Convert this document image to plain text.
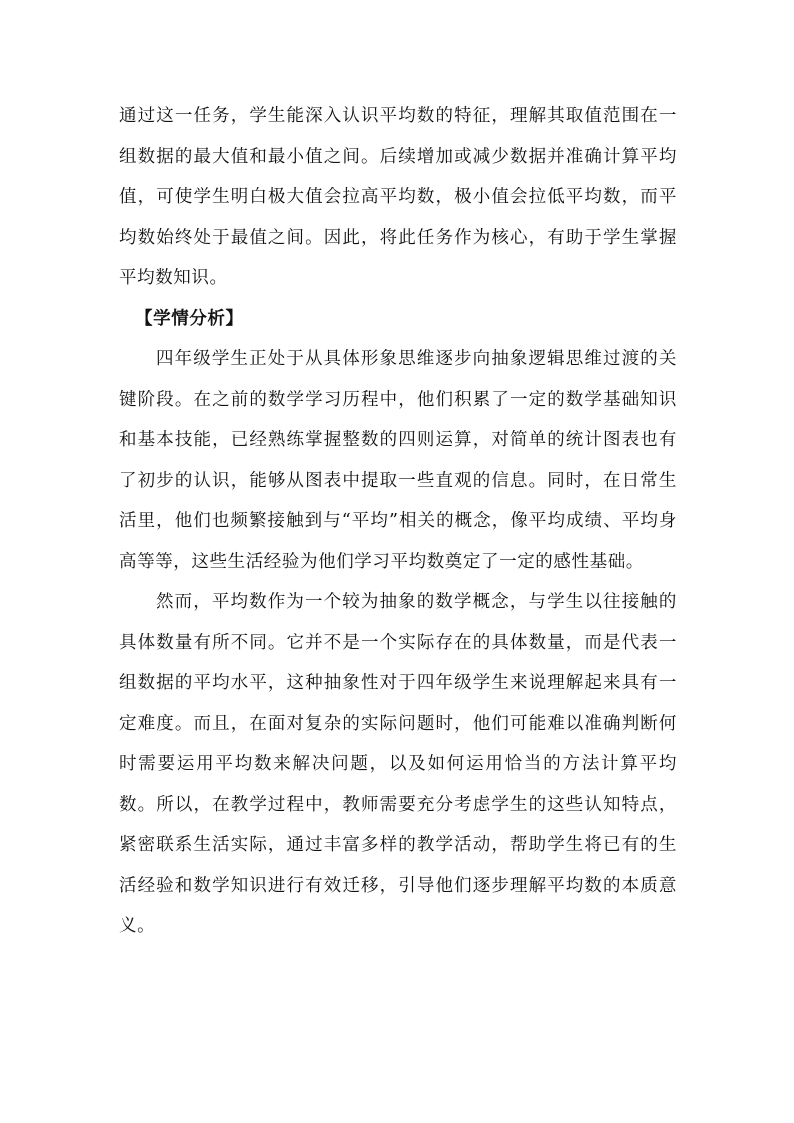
通过这一任务，学生能深入认识平均数的特征，理解其取值范围在一组数据的最大值和最小值之间。后续增加或减少数据并准确计算平均值，可使学生明白极大值会拉高平均数，极小值会拉低平均数，而平均数始终处于最值之间。因此，将此任务作为核心，有助于学生掌握平均数知识。

【学情分析】

四年级学生正处于从具体形象思维逐步向抽象逻辑思维过渡的关键阶段。在之前的数学学习历程中，他们积累了一定的数学基础知识和基本技能，已经熟练掌握整数的四则运算，对简单的统计图表也有了初步的认识，能够从图表中提取一些直观的信息。同时，在日常生活里，他们也频繁接触到与“平均”相关的概念，像平均成绩、平均身高等等，这些生活经验为他们学习平均数奠定了一定的感性基础。

然而，平均数作为一个较为抽象的数学概念，与学生以往接触的具体数量有所不同。它并不是一个实际存在的具体数量，而是代表一组数据的平均水平，这种抽象性对于四年级学生来说理解起来具有一定难度。而且，在面对复杂的实际问题时，他们可能难以准确判断何时需要运用平均数来解决问题，以及如何运用恰当的方法计算平均数。所以，在教学过程中，教师需要充分考虑学生的这些认知特点，紧密联系生活实际，通过丰富多样的教学活动，帮助学生将已有的生活经验和数学知识进行有效迁移，引导他们逐步理解平均数的本质意义。
